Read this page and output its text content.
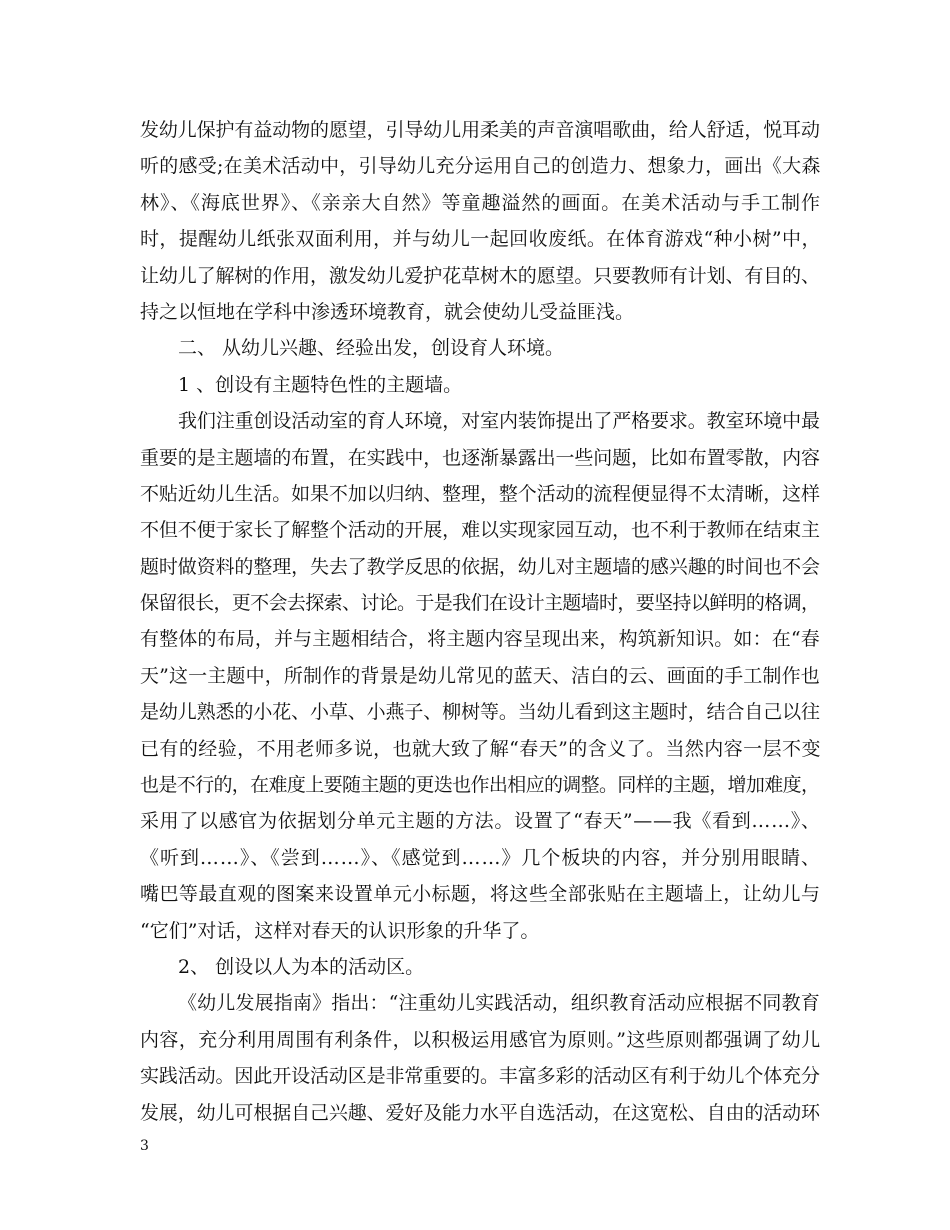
发幼儿保护有益动物的愿望，引导幼儿用柔美的声音演唱歌曲，给人舒适，悦耳动
听的感受;在美术活动中，引导幼儿充分运用自己的创造力、想象力，画出《大森
林》、《海底世界》、《亲亲大自然》等童趣溢然的画面。在美术活动与手工制作
时，提醒幼儿纸张双面利用，并与幼儿一起回收废纸。在体育游戏“种小树”中，
让幼儿了解树的作用，激发幼儿爱护花草树木的愿望。只要教师有计划、有目的、
持之以恒地在学科中渗透环境教育，就会使幼儿受益匪浅。
二、 从幼儿兴趣、经验出发，创设育人环境。
1 、创设有主题特色性的主题墙。
我们注重创设活动室的育人环境，对室内装饰提出了严格要求。教室环境中最
重要的是主题墙的布置，在实践中，也逐渐暴露出一些问题，比如布置零散，内容
不贴近幼儿生活。如果不加以归纳、整理，整个活动的流程便显得不太清晰，这样
不但不便于家长了解整个活动的开展，难以实现家园互动，也不利于教师在结束主
题时做资料的整理，失去了教学反思的依据，幼儿对主题墙的感兴趣的时间也不会
保留很长，更不会去探索、讨论。于是我们在设计主题墙时，要坚持以鲜明的格调，
有整体的布局，并与主题相结合，将主题内容呈现出来，构筑新知识。如：在“春
天”这一主题中，所制作的背景是幼儿常见的蓝天、洁白的云、画面的手工制作也
是幼儿熟悉的小花、小草、小燕子、柳树等。当幼儿看到这主题时，结合自己以往
已有的经验，不用老师多说，也就大致了解“春天”的含义了。当然内容一层不变
也是不行的，在难度上要随主题的更迭也作出相应的调整。同样的主题，增加难度，
采用了以感官为依据划分单元主题的方法。设置了“春天”——我《看到……》、
《听到……》、《尝到……》、《感觉到……》几个板块的内容，并分别用眼睛、
嘴巴等最直观的图案来设置单元小标题，将这些全部张贴在主题墙上，让幼儿与
“它们”对话，这样对春天的认识形象的升华了。
2、 创设以人为本的活动区。
《幼儿发展指南》指出：“注重幼儿实践活动，组织教育活动应根据不同教育
内容，充分利用周围有利条件，以积极运用感官为原则。”这些原则都强调了幼儿
实践活动。因此开设活动区是非常重要的。丰富多彩的活动区有利于幼儿个体充分
发展，幼儿可根据自己兴趣、爱好及能力水平自选活动，在这宽松、自由的活动环
3
